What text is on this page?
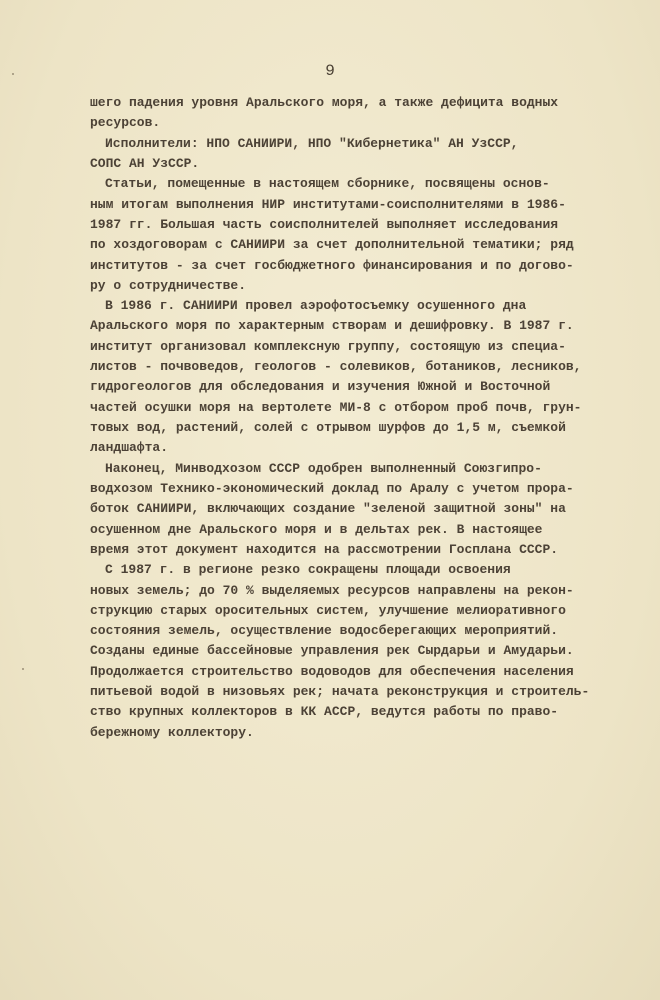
9
шего падения уровня Аральского моря, а также дефицита водных
ресурсов.
Исполнители: НПО САНИИРИ, НПО "Кибернетика" АН УзССР,
СОПС АН УзССР.
Статьи, помещенные в настоящем сборнике, посвящены основ-
ным итогам выполнения НИР институтами-соисполнителями в 1986-
1987 гг. Большая часть соисполнителей выполняет исследования
по хоздоговорам с САНИИРИ за счет дополнительной тематики; ряд
институтов - за счет госбюджетного финансирования и по догово-
ру о сотрудничестве.
В 1986 г. САНИИРИ провел аэрофотосъемку осушенного дна
Аральского моря по характерным створам и дешифровку. В 1987 г.
институт организовал комплексную группу, состоящую из специа-
листов - почвоведов, геологов - солевиков, ботаников, лесников,
гидрогеологов для обследования и изучения Южной и Восточной
частей осушки моря на вертолете МИ-8 с отбором проб почв, грун-
товых вод, растений, солей с отрывом шурфов до 1,5 м, съемкой
ландшафта.
Наконец, Минводхозом СССР одобрен выполненный Союзгипро-
водхозом Технико-экономический доклад по Аралу с учетом прора-
боток САНИИРИ, включающих создание "зеленой защитной зоны" на
осушенном дне Аральского моря и в дельтах рек. В настоящее
время этот документ находится на рассмотрении Госплана СССР.
С 1987 г. в регионе резко сокращены площади освоения
новых земель; до 70 % выделяемых ресурсов направлены на рекон-
струкцию старых оросительных систем, улучшение мелиоративного
состояния земель, осуществление водосберегающих мероприятий.
Созданы единые бассейновые управления рек Сырдарьи и Амударьи.
Продолжается строительство водоводов для обеспечения населения
питьевой водой в низовьях рек; начата реконструкция и строитель-
ство крупных коллекторов в КК АССР, ведутся работы по право-
бережному коллектору.
